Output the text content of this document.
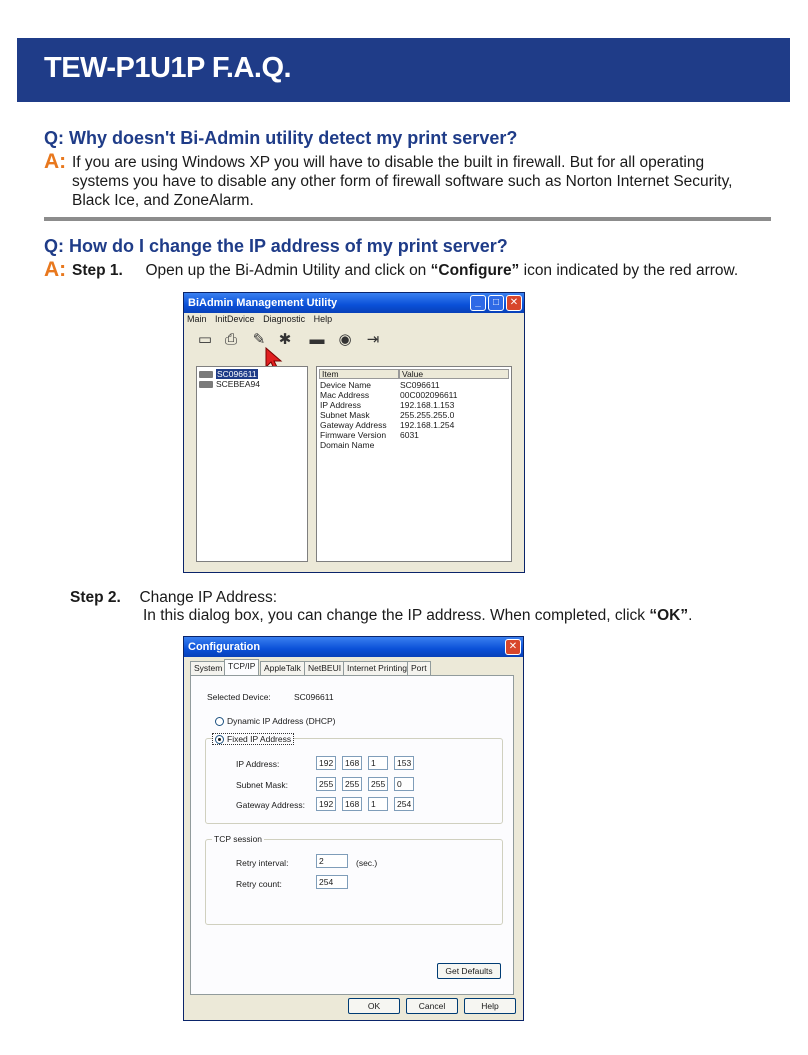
TEW-P1U1P F.A.Q.
Q: Why doesn't Bi-Admin utility detect my print server?
A: If you are using Windows XP you will have to disable the built in firewall. But for all operating
systems you have to disable any other form of firewall software such as Norton Internet Security,
Black Ice, and ZoneAlarm.
Q: How do I change the IP address of my print server?
A: Step 1. Open up the Bi-Admin Utility and click on “Configure” icon indicated by the red arrow.
BiAdmin Management Utility	_	□	✕
Main InitDevice Diagnostic Help
▭ ⎙	✎ ✱	▬ ◉	⇥
SC096611
SCEBEA94
Item	Value
Device Name
Mac Address
IP Address
Subnet Mask
Gateway Address
Firmware Version
Domain Name
SC096611
00C002096611
192.168.1.153
255.255.255.0
192.168.1.254
6031
Step 2. Change IP Address:
In this dialog box, you can change the IP address. When completed, click “OK”.
Configuration	✕
System TCP/IP	AppleTalk NetBEUI Internet Printing Port
Selected Device:	SC096611
Dynamic IP Address (DHCP)
Fixed IP Address
IP Address:	192	168	1	153
Subnet Mask:	255	255	255	0
Gateway Address:	192	168	1	254
TCP session
Retry interval:	2	(sec.)
Retry count:	254
Get Defaults
OK	Cancel	Help
